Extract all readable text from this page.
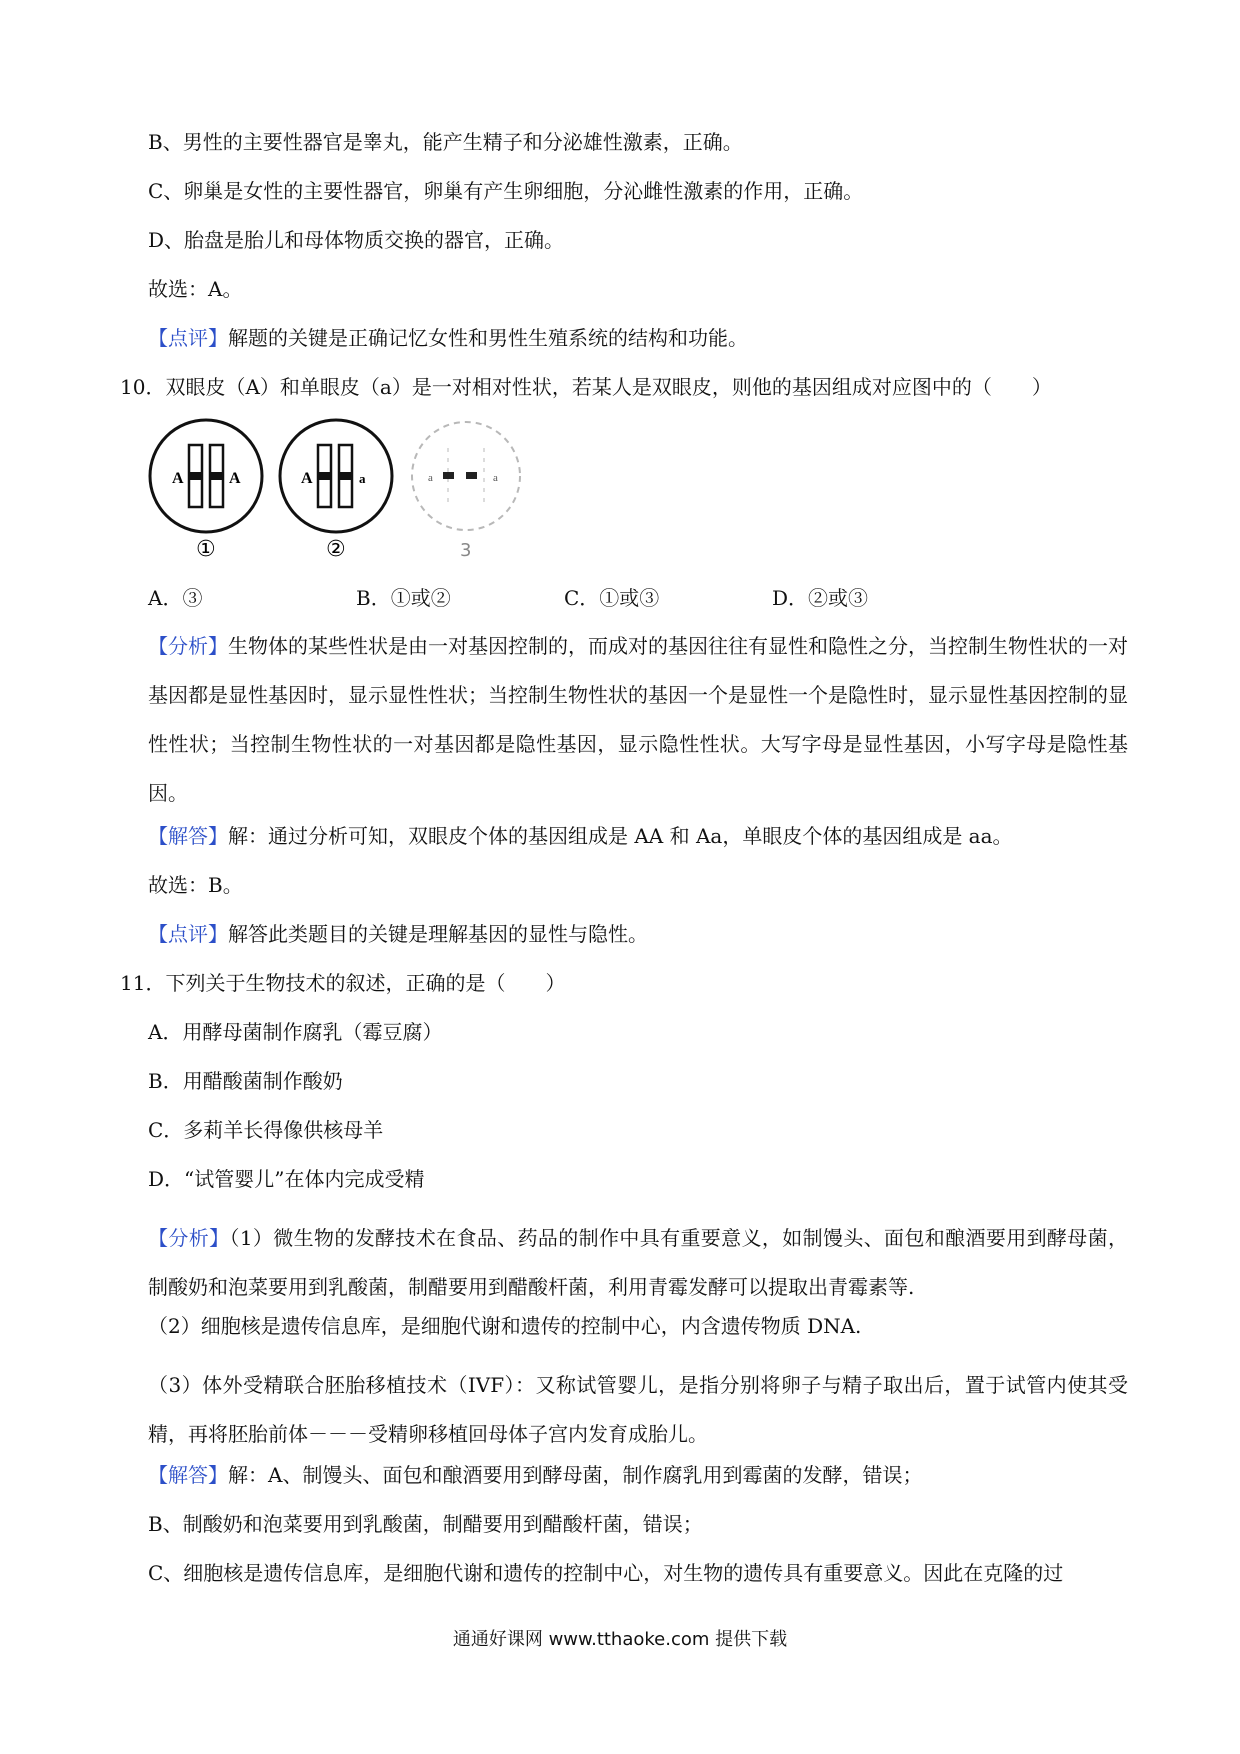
B、男性的主要性器官是睾丸，能产生精子和分泌雄性激素，正确。
C、卵巢是女性的主要性器官，卵巢有产生卵细胞，分沁雌性激素的作用，正确。
D、胎盘是胎儿和母体物质交换的器官，正确。
故选：A。
【点评】解题的关键是正确记忆女性和男性生殖系统的结构和功能。
10．双眼皮（A）和单眼皮（a）是一对相对性状，若某人是双眼皮，则他的基因组成对应图中的（　　）
A	A
①
A	a
②
a	a
3
A．③	B．①或②	C．①或③	D．②或③
【分析】生物体的某些性状是由一对基因控制的，而成对的基因往往有显性和隐性之分，当控制生物性状的一对基因都是显性基因时，显示显性性状；当控制生物性状的基因一个是显性一个是隐性时，显示显性基因控制的显性性状；当控制生物性状的一对基因都是隐性基因，显示隐性性状。大写字母是显性基因，小写字母是隐性基因。
【解答】解：通过分析可知，双眼皮个体的基因组成是 AA 和 Aa，单眼皮个体的基因组成是 aa。
故选：B。
【点评】解答此类题目的关键是理解基因的显性与隐性。
11．下列关于生物技术的叙述，正确的是（　　）
A．用酵母菌制作腐乳（霉豆腐）
B．用醋酸菌制作酸奶
C．多莉羊长得像供核母羊
D．“试管婴儿”在体内完成受精
【分析】（1）微生物的发酵技术在食品、药品的制作中具有重要意义，如制馒头、面包和酿酒要用到酵母菌，制酸奶和泡菜要用到乳酸菌，制醋要用到醋酸杆菌，利用青霉发酵可以提取出青霉素等.
（2）细胞核是遗传信息库，是细胞代谢和遗传的控制中心，内含遗传物质 DNA.
（3）体外受精联合胚胎移植技术（IVF）：又称试管婴儿，是指分别将卵子与精子取出后，置于试管内使其受精，再将胚胎前体－－－受精卵移植回母体子宫内发育成胎儿。
【解答】解：A、制馒头、面包和酿酒要用到酵母菌，制作腐乳用到霉菌的发酵，错误；
B、制酸奶和泡菜要用到乳酸菌，制醋要用到醋酸杆菌，错误；
C、细胞核是遗传信息库，是细胞代谢和遗传的控制中心，对生物的遗传具有重要意义。因此在克隆的过
通通好课网 www.tthaoke.com 提供下载
